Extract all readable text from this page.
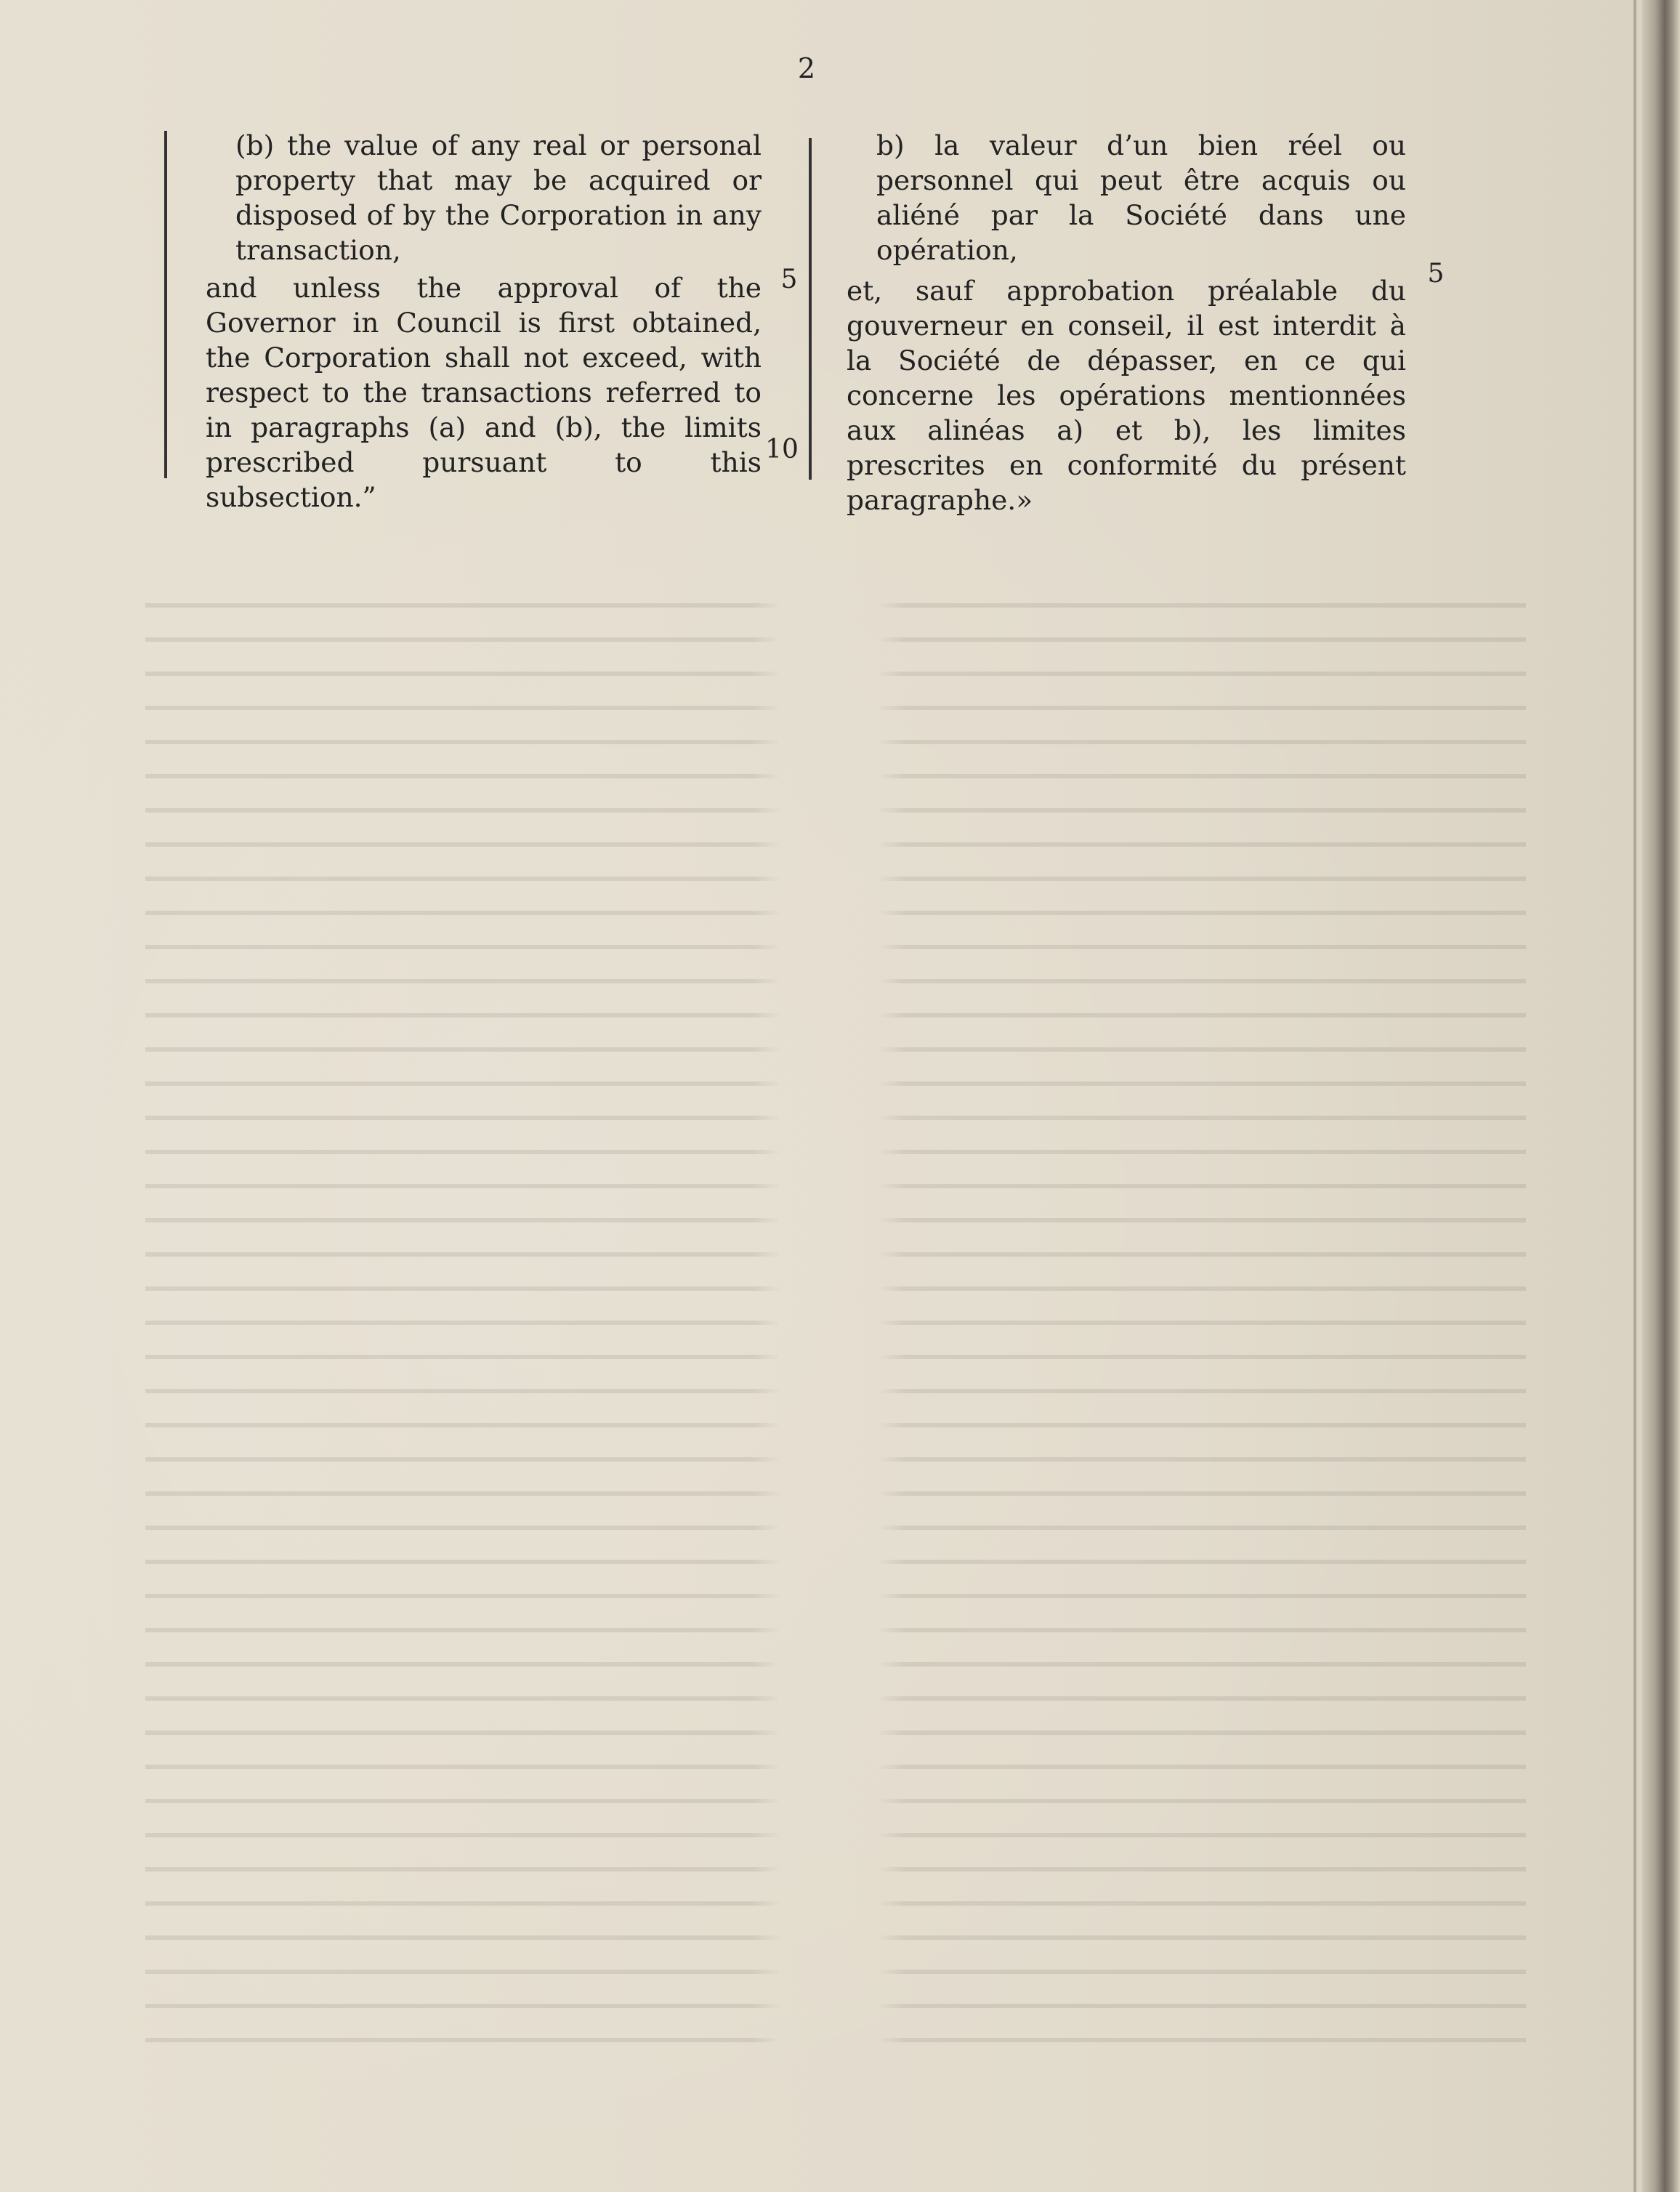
2

(b) the value of any real or personal property that may be acquired or disposed of by the Corporation in any transaction,

and unless the approval of the Governor in Council is first obtained, the Corporation shall not exceed, with respect to the transactions referred to in paragraphs (a) and (b), the limits prescribed pursuant to this subsection.”

5
10

b) la valeur d’un bien réel ou personnel qui peut être acquis ou aliéné par la Société dans une opération,

et, sauf approbation préalable du gouverneur en conseil, il est interdit à la Société de dépasser, en ce qui concerne les opérations mentionnées aux alinéas a) et b), les limites prescrites en conformité du présent paragraphe.»

5
